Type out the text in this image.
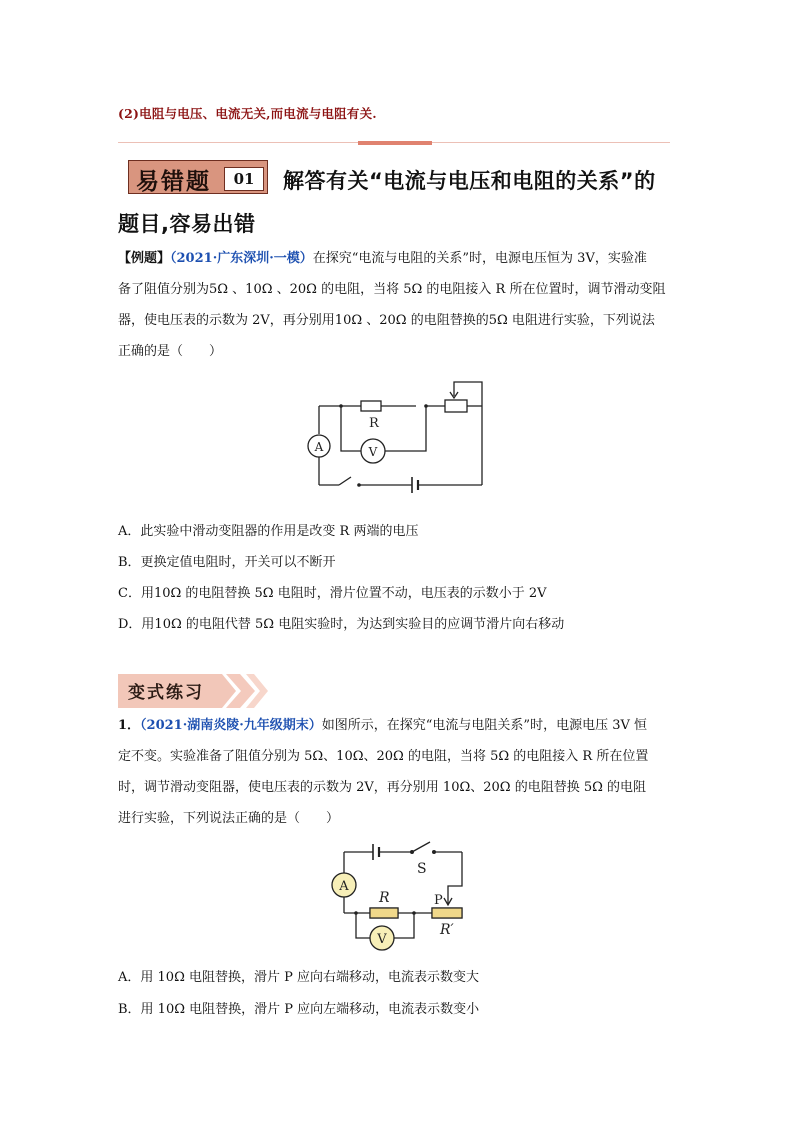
(2)电阻与电压、电流无关,而电流与电阻有关.
易错题	01	解答有关“电流与电压和电阻的关系”的
题目,容易出错
【例题】（2021·广东深圳·一模）在探究“电流与电阻的关系”时，电源电压恒为 3V，实验准
备了阻值分别为5Ω 、10Ω 、20Ω 的电阻，当将 5Ω 的电阻接入 R 所在位置时，调节滑动变阻
器，使电压表的示数为 2V，再分别用10Ω 、20Ω 的电阻替换的5Ω 电阻进行实验，下列说法
正确的是（　　）
R
A	V
A．此实验中滑动变阻器的作用是改变 R 两端的电压
B．更换定值电阻时，开关可以不断开
C．用10Ω 的电阻替换 5Ω 电阻时，滑片位置不动，电压表的示数小于 2V
D．用10Ω 的电阻代替 5Ω 电阻实验时，为达到实验目的应调节滑片向右移动
变式练习
1．（2021·湖南炎陵·九年级期末）如图所示，在探究“电流与电阻关系”时，电源电压 3V 恒
定不变。实验准备了阻值分别为 5Ω、10Ω、20Ω 的电阻，当将 5Ω 的电阻接入 R 所在位置
时，调节滑动变阻器，使电压表的示数为 2V，再分别用 10Ω、20Ω 的电阻替换 5Ω 的电阻
进行实验，下列说法正确的是（　　）
A
V
S
R	P
R′
A．用 10Ω 电阻替换，滑片 P 应向右端移动，电流表示数变大
B．用 10Ω 电阻替换，滑片 P 应向左端移动，电流表示数变小
